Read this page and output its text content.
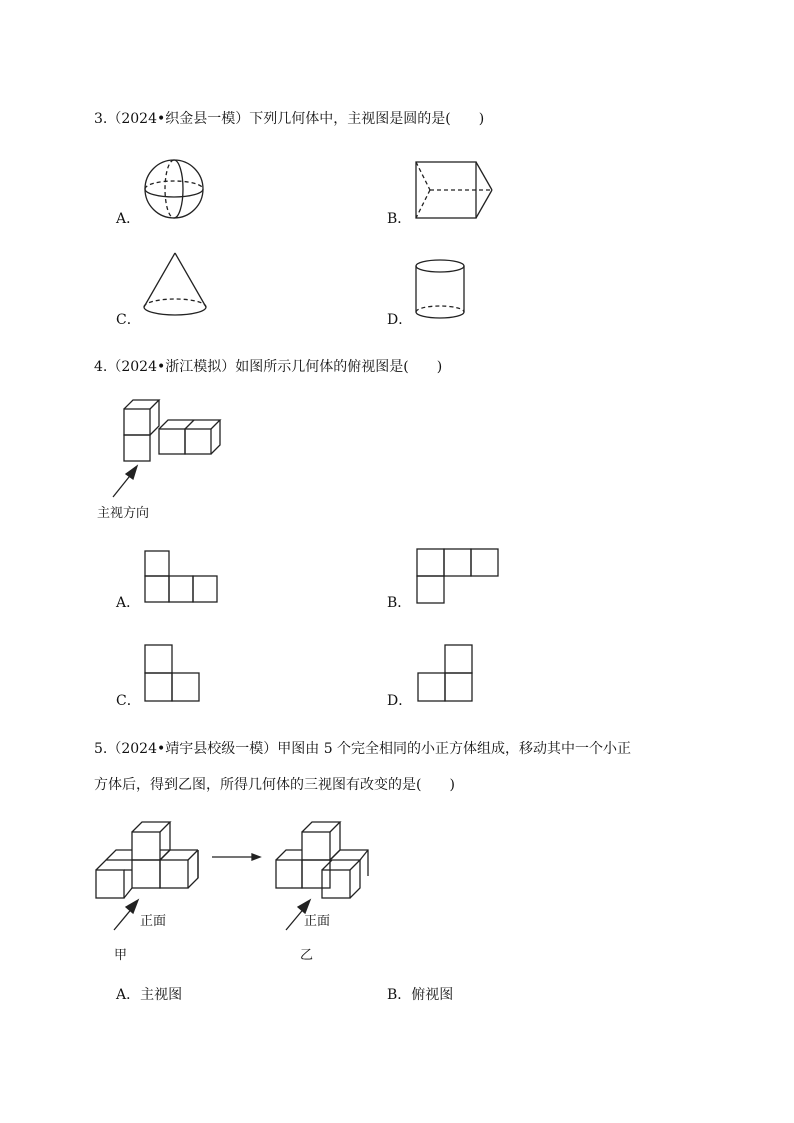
3.（2024•织金县一模）下列几何体中，主视图是圆的是(　　)
A．	B．
C．	D．
4.（2024•浙江模拟）如图所示几何体的俯视图是(　　)
主视方向
A．	B．
C．	D．
5.（2024•靖宇县校级一模）甲图由 5 个完全相同的小正方体组成，移动其中一个小正
方体后，得到乙图，所得几何体的三视图有改变的是(　　)
正面
甲
正面
乙
A．主视图	B．俯视图
